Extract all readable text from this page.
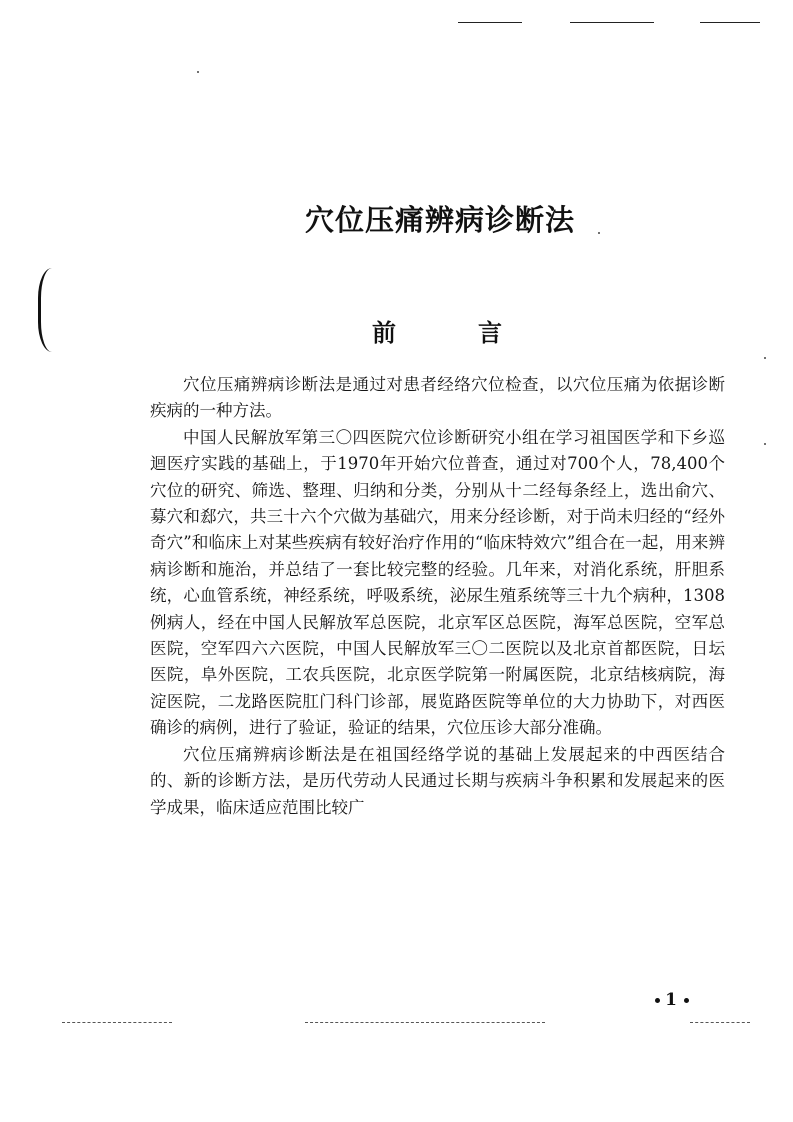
穴位压痛辨病诊断法
前	言

穴位压痛辨病诊断法是通过对患者经络穴位检查，以穴位压痛为依据诊断疾病的一种方法。

中国人民解放军第三〇四医院穴位诊断研究小组在学习祖国医学和下乡巡迴医疗实践的基础上，于1970年开始穴位普查，通过对700个人，78,400个穴位的研究、筛选、整理、归纳和分类，分别从十二经每条经上，选出俞穴、募穴和郄穴，共三十六个穴做为基础穴，用来分经诊断，对于尚未归经的“经外奇穴”和临床上对某些疾病有较好治疗作用的“临床特效穴”组合在一起，用来辨病诊断和施治，并总结了一套比较完整的经验。几年来，对消化系统，肝胆系统，心血管系统，神经系统，呼吸系统，泌尿生殖系统等三十九个病种，1308例病人，经在中国人民解放军总医院，北京军区总医院，海军总医院，空军总医院，空军四六六医院，中国人民解放军三〇二医院以及北京首都医院，日坛医院，阜外医院，工农兵医院，北京医学院第一附属医院，北京结核病院，海淀医院，二龙路医院肛门科门诊部，展览路医院等单位的大力协助下，对西医确诊的病例，进行了验证，验证的结果，穴位压诊大部分准确。

穴位压痛辨病诊断法是在祖国经络学说的基础上发展起来的中西医结合的、新的诊断方法，是历代劳动人民通过长期与疾病斗争积累和发展起来的医学成果，临床适应范围比较广

1
